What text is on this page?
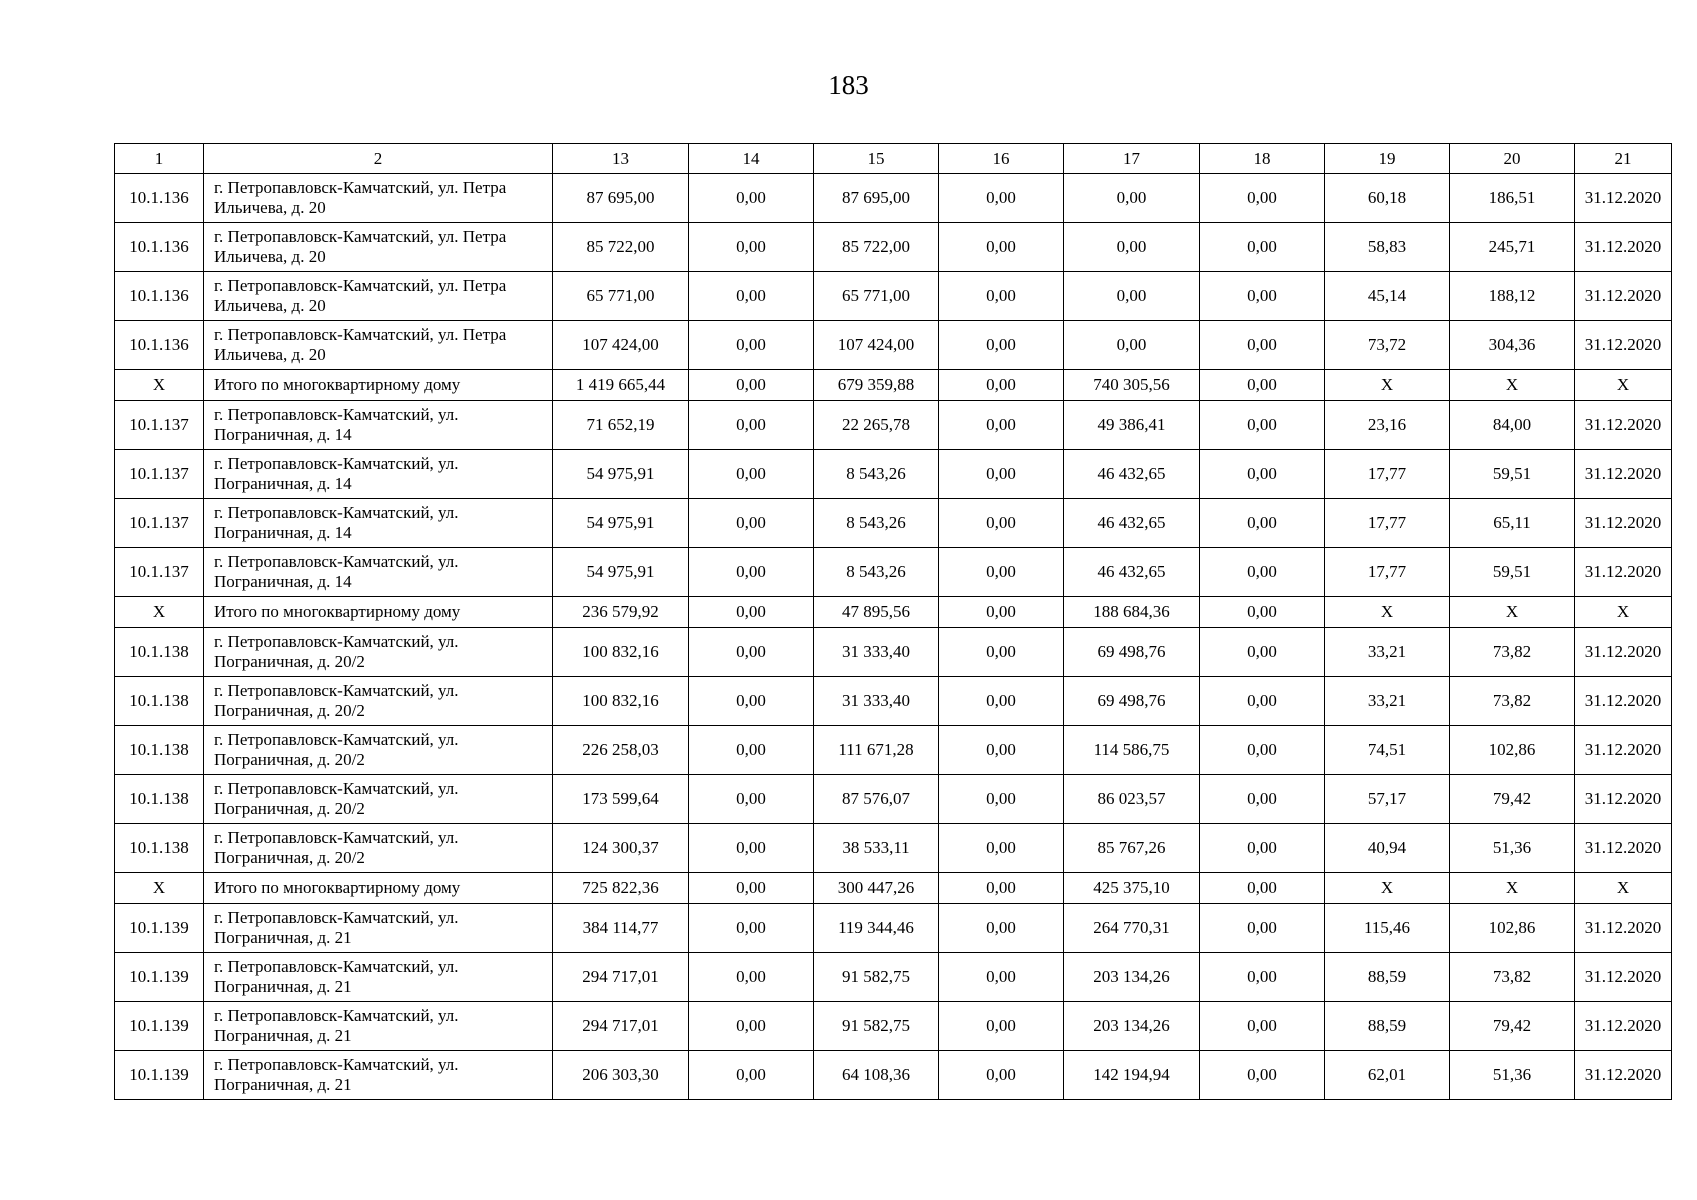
183
1	2	13	14	15	16	17	18	19	20	21
10.1.136	г. Петропавловск-Камчатский, ул. Петра Ильичева, д. 20	87 695,00	0,00	87 695,00	0,00	0,00	0,00	60,18	186,51	31.12.2020
10.1.136	г. Петропавловск-Камчатский, ул. Петра Ильичева, д. 20	85 722,00	0,00	85 722,00	0,00	0,00	0,00	58,83	245,71	31.12.2020
10.1.136	г. Петропавловск-Камчатский, ул. Петра Ильичева, д. 20	65 771,00	0,00	65 771,00	0,00	0,00	0,00	45,14	188,12	31.12.2020
10.1.136	г. Петропавловск-Камчатский, ул. Петра Ильичева, д. 20	107 424,00	0,00	107 424,00	0,00	0,00	0,00	73,72	304,36	31.12.2020
Х	Итого по многоквартирному дому	1 419 665,44	0,00	679 359,88	0,00	740 305,56	0,00	Х	Х	Х
10.1.137	г. Петропавловск-Камчатский, ул. Пограничная, д. 14	71 652,19	0,00	22 265,78	0,00	49 386,41	0,00	23,16	84,00	31.12.2020
10.1.137	г. Петропавловск-Камчатский, ул. Пограничная, д. 14	54 975,91	0,00	8 543,26	0,00	46 432,65	0,00	17,77	59,51	31.12.2020
10.1.137	г. Петропавловск-Камчатский, ул. Пограничная, д. 14	54 975,91	0,00	8 543,26	0,00	46 432,65	0,00	17,77	65,11	31.12.2020
10.1.137	г. Петропавловск-Камчатский, ул. Пограничная, д. 14	54 975,91	0,00	8 543,26	0,00	46 432,65	0,00	17,77	59,51	31.12.2020
Х	Итого по многоквартирному дому	236 579,92	0,00	47 895,56	0,00	188 684,36	0,00	Х	Х	Х
10.1.138	г. Петропавловск-Камчатский, ул. Пограничная, д. 20/2	100 832,16	0,00	31 333,40	0,00	69 498,76	0,00	33,21	73,82	31.12.2020
10.1.138	г. Петропавловск-Камчатский, ул. Пограничная, д. 20/2	100 832,16	0,00	31 333,40	0,00	69 498,76	0,00	33,21	73,82	31.12.2020
10.1.138	г. Петропавловск-Камчатский, ул. Пограничная, д. 20/2	226 258,03	0,00	111 671,28	0,00	114 586,75	0,00	74,51	102,86	31.12.2020
10.1.138	г. Петропавловск-Камчатский, ул. Пограничная, д. 20/2	173 599,64	0,00	87 576,07	0,00	86 023,57	0,00	57,17	79,42	31.12.2020
10.1.138	г. Петропавловск-Камчатский, ул. Пограничная, д. 20/2	124 300,37	0,00	38 533,11	0,00	85 767,26	0,00	40,94	51,36	31.12.2020
Х	Итого по многоквартирному дому	725 822,36	0,00	300 447,26	0,00	425 375,10	0,00	Х	Х	Х
10.1.139	г. Петропавловск-Камчатский, ул. Пограничная, д. 21	384 114,77	0,00	119 344,46	0,00	264 770,31	0,00	115,46	102,86	31.12.2020
10.1.139	г. Петропавловск-Камчатский, ул. Пограничная, д. 21	294 717,01	0,00	91 582,75	0,00	203 134,26	0,00	88,59	73,82	31.12.2020
10.1.139	г. Петропавловск-Камчатский, ул. Пограничная, д. 21	294 717,01	0,00	91 582,75	0,00	203 134,26	0,00	88,59	79,42	31.12.2020
10.1.139	г. Петропавловск-Камчатский, ул. Пограничная, д. 21	206 303,30	0,00	64 108,36	0,00	142 194,94	0,00	62,01	51,36	31.12.2020
